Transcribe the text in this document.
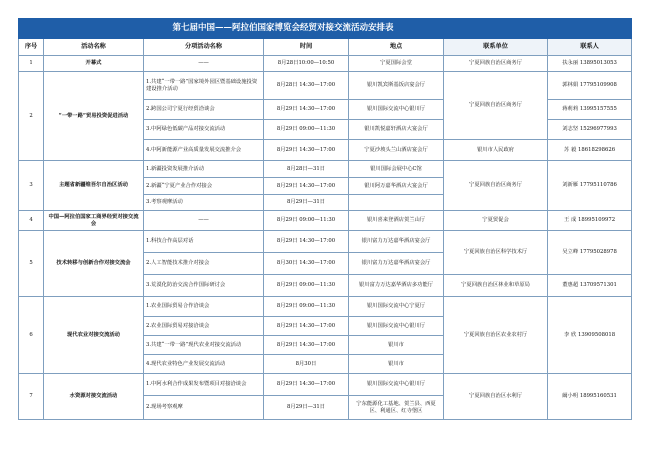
第七届中国——阿拉伯国家博览会经贸对接交流活动安排表						
序号	活动名称	分项活动名称	时间	地点	联系单位	联系人
1	开幕式	——	8月28日10:00—10:50	宁夏国际会堂	宁夏回族自治区商务厅	扶永丽 13895013053
2	“一带一路”贸易投资促进活动	1.共建“一带一路”国家境外园区暨基础设施投资建设推介活动	8月28日 14:30—17:00	银川凯宾斯基饭店宴会厅	宁夏回族自治区商务厅	郭林娟 17795109908
		2.跨国公司宁夏行经贸洽谈会	8月29日 14:30—17:00	银川国际交流中心银川厅		蒋莉莉 13995157555
		3.中阿绿色低碳产品对接交流活动	8月29日 09:00—11:30	银川凯悦嘉轩酒店大宴会厅		刘志坚 15296977993
		4.中阿新能源产业高质量发展交流推介会	8月29日 14:30—17:00	宁夏沙坡头兰山酒店宴会厅	银川市人民政府	苏 毅 18618298626
3	主题省新疆维吾尔自治区活动	1.新疆投资发展推介活动	8月28日—31日	银川国际会展中心C馆	宁夏回族自治区商务厅	刘新雁 17795110786
		2.新疆“宁夏产业合作对接会	8月29日 14:30—17:00	银川阿万嘉华酒店大宴会厅		
		3.考察观摩活动	8月29日—31日			
4	中国—阿拉伯国家工商界经贸对接交流会	——	8月29日 09:00—11:30	银川喜来登酒店贺兰山厅	宁夏贸促会	王 成 18995109972
5	技术转移与创新合作对接交流会	1.科技合作高层对话	8月29日 14:30—17:00	银川富力万达嘉华酒店宴会厅	宁夏回族自治区科学技术厅	吴立峰 17795028978
		2.人工智能技术推介对接会	8月30日 14:30—17:00	银川富力万达嘉华酒店宴会厅		
		3.荒漠化防治交流合作国际研讨会	8月29日 09:00—11:30	银川富力万达嘉华酒店多功能厅	宁夏回族自治区林业和草原局	董惠超 13709571301
6	现代农业对接交流活动	1.农业国际贸易合作洽谈会	8月29日 09:00—11:30	银川国际交流中心宁夏厅	宁夏回族自治区农业农村厅	李 欣 13909508018
		2.农业国际贸易对接洽谈会	8月29日 14:30—17:00	银川国际交流中心银川厅		
		3.共建“一带一路”现代农业对接交流活动	8月29日 14:30—17:00	银川市		
		4.现代农业特色产业发展交流活动	8月30日	银川市		
7	水资源对接交流活动	1.中阿水利合作成果发布暨项目对接洽谈会	8月29日 14:30—17:00	银川国际交流中心银川厅	宁夏回族自治区水利厅	阚小明 18995160531
		2.现场考察观摩	8月29日—31日	宁东能源化工基地、贺兰县、西夏区、利通区、红寺堡区		
